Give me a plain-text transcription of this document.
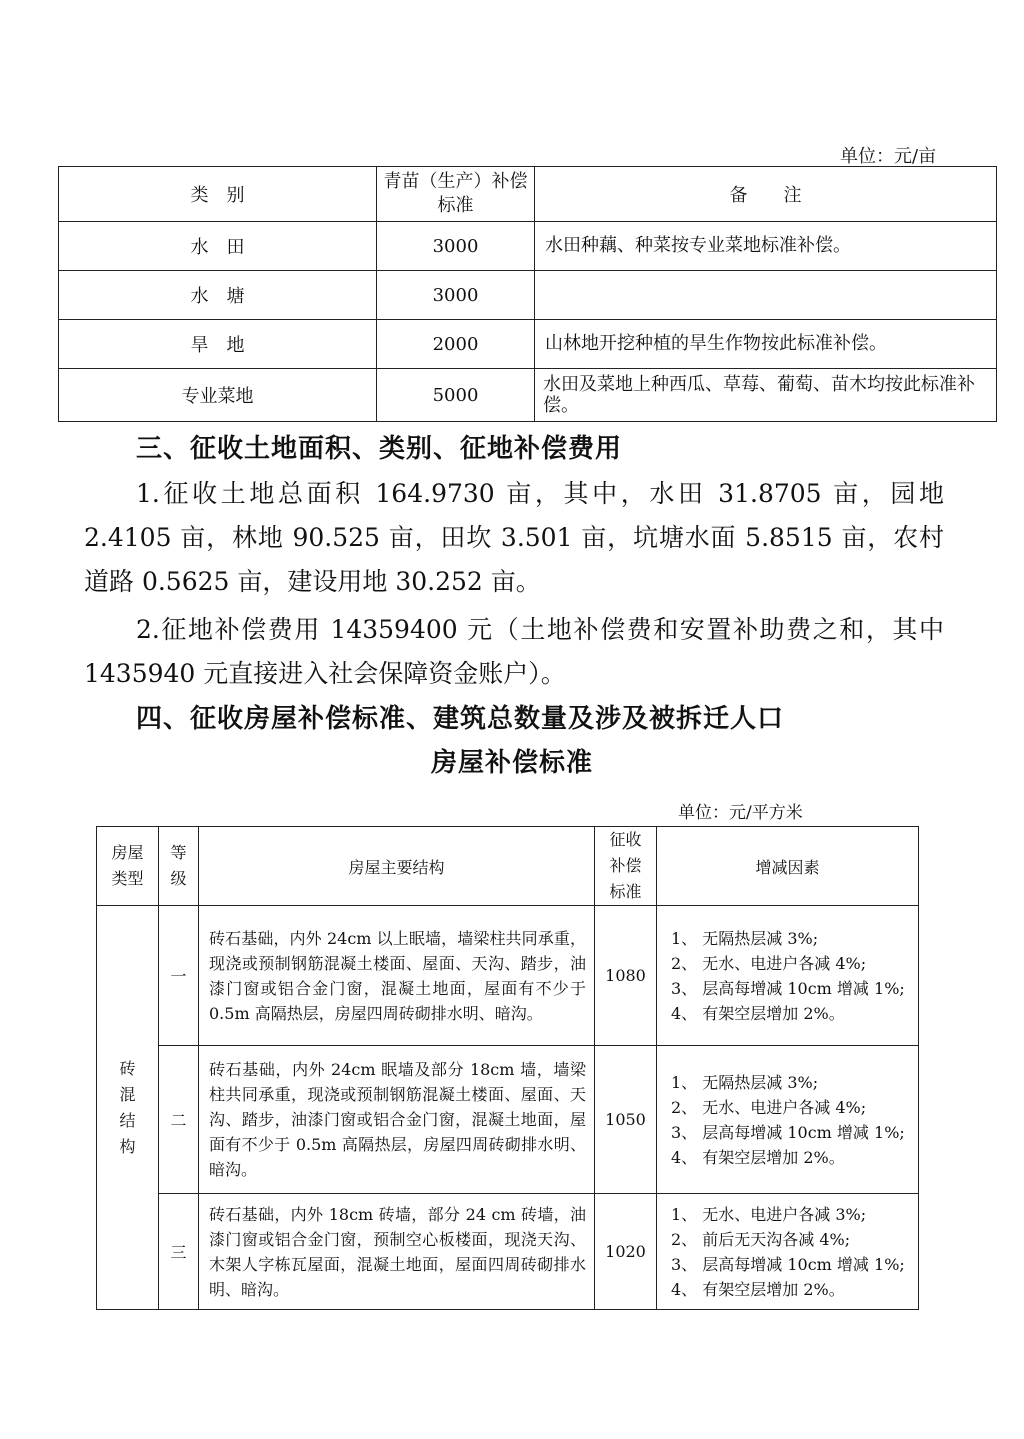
单位：元/亩
类　别	青苗（生产）补偿标准	备　　注
水　田	3000	水田种藕、种菜按专业菜地标准补偿。
水　塘	3000	
旱　地	2000	山林地开挖种植的旱生作物按此标准补偿。
专业菜地	5000	水田及菜地上种西瓜、草莓、葡萄、苗木均按此标准补偿。
三、征收土地面积、类别、征地补偿费用
1.征收土地总面积 164.9730 亩，其中，水田 31.8705 亩，园地 2.4105 亩，林地 90.525 亩，田坎 3.501 亩，坑塘水面 5.8515 亩，农村道路 0.5625 亩，建设用地 30.252 亩。
2.征地补偿费用 14359400 元（土地补偿费和安置补助费之和，其中 1435940 元直接进入社会保障资金账户）。
四、征收房屋补偿标准、建筑总数量及涉及被拆迁人口
房屋补偿标准
单位：元/平方米
房屋类型	等级	房屋主要结构	征收补偿标准	增减因素
砖混结构	一	砖石基础，内外 24cm 以上眠墙，墙梁柱共同承重，现浇或预制钢筋混凝土楼面、屋面、天沟、踏步，油漆门窗或铝合金门窗，混凝土地面，屋面有不少于 0.5m 高隔热层，房屋四周砖砌排水明、暗沟。	1080	1、 无隔热层减 3%;
2、 无水、电进户各减 4%;
3、 层高每增减 10cm 增减 1%;
4、 有架空层增加 2%。

	二	砖石基础，内外 24cm 眠墙及部分 18cm 墙，墙梁柱共同承重，现浇或预制钢筋混凝土楼面、屋面、天沟、踏步，油漆门窗或铝合金门窗，混凝土地面，屋面有不少于 0.5m 高隔热层，房屋四周砖砌排水明、暗沟。	1050	1、 无隔热层减 3%;
2、 无水、电进户各减 4%;
3、 层高每增减 10cm 增减 1%;
4、 有架空层增加 2%。

	三	砖石基础，内外 18cm 砖墙，部分 24 cm 砖墙，油漆门窗或铝合金门窗，预制空心板楼面，现浇天沟、木架人字栋瓦屋面，混凝土地面，屋面四周砖砌排水明、暗沟。	1020	1、 无水、电进户各减 3%;
2、 前后无天沟各减 4%;
3、 层高每增减 10cm 增减 1%;
4、 有架空层增加 2%。
